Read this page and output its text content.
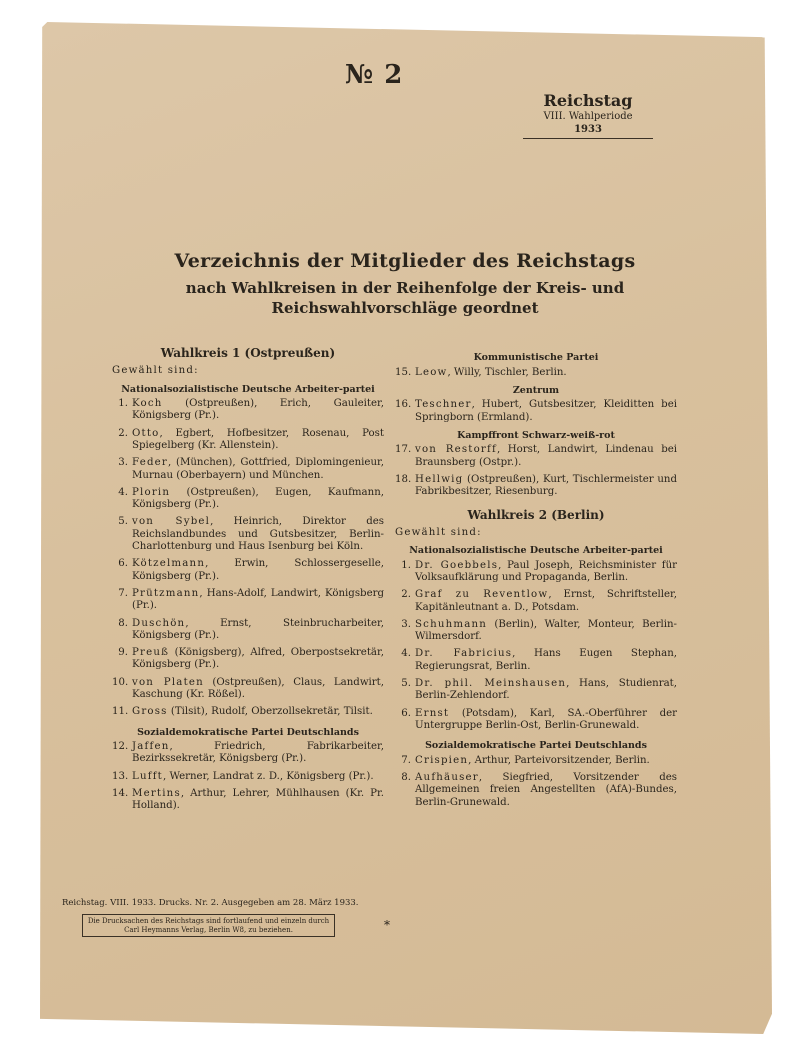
№ 2
Reichstag
VIII. Wahlperiode
1933
Verzeichnis der Mitglieder des Reichstags
nach Wahlkreisen in der Reihenfolge der Kreis- und
Reichswahlvorschläge geordnet
Wahlkreis 1 (Ostpreußen)
Gewählt sind:
Nationalsozialistische Deutsche Arbeiter-partei
1. Koch (Ostpreußen), Erich, Gauleiter, Königsberg (Pr.).
2. Otto, Egbert, Hofbesitzer, Rosenau, Post Spiegelberg (Kr. Allenstein).
3. Feder, (München), Gottfried, Diplomingenieur, Murnau (Oberbayern) und München.
4. Plorin (Ostpreußen), Eugen, Kaufmann, Königsberg (Pr.).
5. von Sybel, Heinrich, Direktor des Reichslandbundes und Gutsbesitzer, Berlin-Charlottenburg und Haus Isenburg bei Köln.
6. Kötzelmann, Erwin, Schlossergeselle, Königsberg (Pr.).
7. Prützmann, Hans-Adolf, Landwirt, Königsberg (Pr.).
8. Duschön, Ernst, Steinbrucharbeiter, Königsberg (Pr.).
9. Preuß (Königsberg), Alfred, Oberpostsekretär, Königsberg (Pr.).
10. von Platen (Ostpreußen), Claus, Landwirt, Kaschung (Kr. Rößel).
11. Gross (Tilsit), Rudolf, Oberzollsekretär, Tilsit.
Sozialdemokratische Partei Deutschlands
12. Jaffen, Friedrich, Fabrikarbeiter, Bezirkssekretär, Königsberg (Pr.).
13. Lufft, Werner, Landrat z. D., Königsberg (Pr.).
14. Mertins, Arthur, Lehrer, Mühlhausen (Kr. Pr. Holland).
Kommunistische Partei
15. Leow, Willy, Tischler, Berlin.
Zentrum
16. Teschner, Hubert, Gutsbesitzer, Kleiditten bei Springborn (Ermland).
Kampffront Schwarz-weiß-rot
17. von Restorff, Horst, Landwirt, Lindenau bei Braunsberg (Ostpr.).
18. Hellwig (Ostpreußen), Kurt, Tischlermeister und Fabrikbesitzer, Riesenburg.
Wahlkreis 2 (Berlin)
Gewählt sind:
Nationalsozialistische Deutsche Arbeiter-partei
1. Dr. Goebbels, Paul Joseph, Reichsminister für Volksaufklärung und Propaganda, Berlin.
2. Graf zu Reventlow, Ernst, Schriftsteller, Kapitänleutnant a. D., Potsdam.
3. Schuhmann (Berlin), Walter, Monteur, Berlin-Wilmersdorf.
4. Dr. Fabricius, Hans Eugen Stephan, Regierungsrat, Berlin.
5. Dr. phil. Meinshausen, Hans, Studienrat, Berlin-Zehlendorf.
6. Ernst (Potsdam), Karl, SA.-Oberführer der Untergruppe Berlin-Ost, Berlin-Grunewald.
Sozialdemokratische Partei Deutschlands
7. Crispien, Arthur, Parteivorsitzender, Berlin.
8. Aufhäuser, Siegfried, Vorsitzender des Allgemeinen freien Angestellten (AfA)-Bundes, Berlin-Grunewald.
Reichstag. VIII. 1933. Drucks. Nr. 2. Ausgegeben am 28. März 1933.
Die Drucksachen des Reichstags sind fortlaufend und einzeln durch Carl Heymanns Verlag, Berlin W8, zu beziehen.	*
